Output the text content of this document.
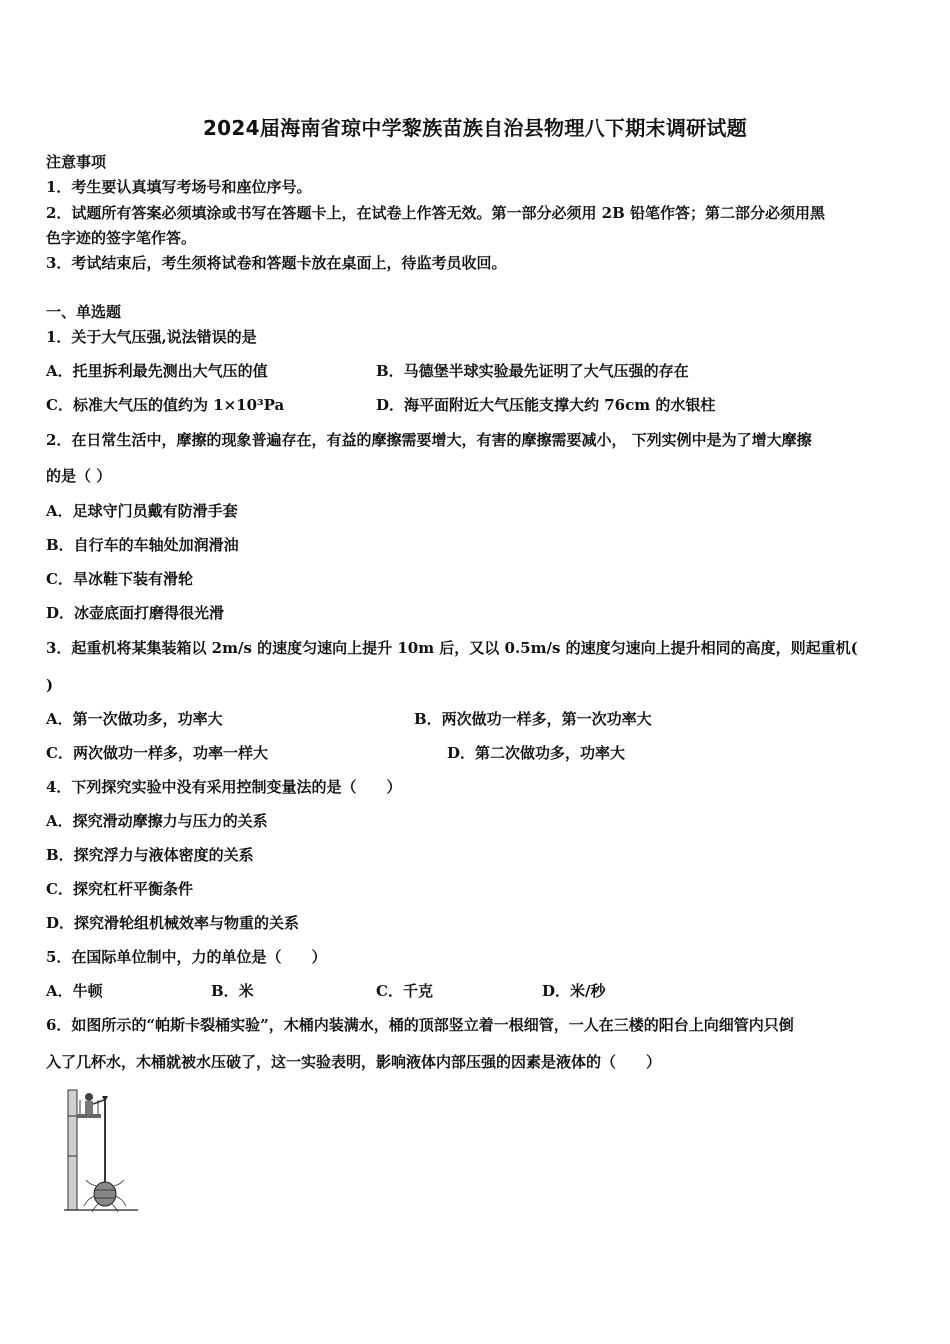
2024届海南省琼中学黎族苗族自治县物理八下期末调研试题
注意事项
1．考生要认真填写考场号和座位序号。
2．试题所有答案必须填涂或书写在答题卡上，在试卷上作答无效。第一部分必须用 2B 铅笔作答；第二部分必须用黑
色字迹的签字笔作答。
3．考试结束后，考生须将试卷和答题卡放在桌面上，待监考员收回。
一、单选题
1．关于大气压强,说法错误的是
A．托里拆利最先测出大气压的值	B．马德堡半球实验最先证明了大气压强的存在
C．标准大气压的值约为 1×10³Pa	D．海平面附近大气压能支撑大约 76cm 的水银柱
2．在日常生活中，摩擦的现象普遍存在，有益的摩擦需要增大，有害的摩擦需要减小， 下列实例中是为了增大摩擦
的是（ ）
A．足球守门员戴有防滑手套
B．自行车的车轴处加润滑油
C．旱冰鞋下装有滑轮
D．冰壶底面打磨得很光滑
3．起重机将某集装箱以 2m/s 的速度匀速向上提升 10m 后，又以 0.5m/s 的速度匀速向上提升相同的高度，则起重机(
)
A．第一次做功多，功率大	B．两次做功一样多，第一次功率大
C．两次做功一样多，功率一样大	D．第二次做功多，功率大
4．下列探究实验中没有采用控制变量法的是（　　）
A．探究滑动摩擦力与压力的关系
B．探究浮力与液体密度的关系
C．探究杠杆平衡条件
D．探究滑轮组机械效率与物重的关系
5．在国际单位制中，力的单位是（　　）
A．牛顿	B．米	C．千克	D．米/秒
6．如图所示的“帕斯卡裂桶实验”，木桶内装满水，桶的顶部竖立着一根细管，一人在三楼的阳台上向细管内只倒
入了几杯水，木桶就被水压破了，这一实验表明，影响液体内部压强的因素是液体的（　　）
